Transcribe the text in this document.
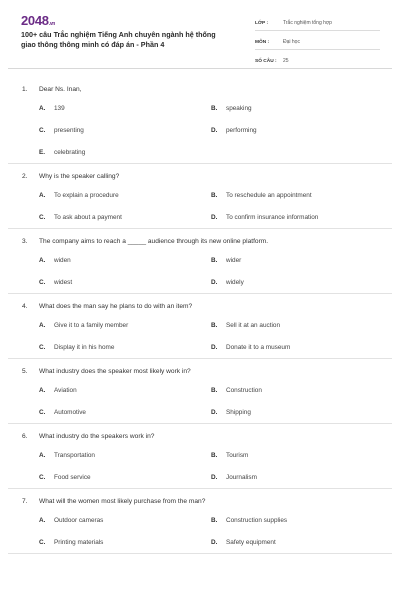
2048.vn
100+ câu Trắc nghiệm Tiếng Anh chuyên ngành hệ thống giao thông thông minh có đáp án - Phần 4
LỚP :	Trắc nghiệm tổng hợp
MÔN :	Đại học
SỐ CÂU :	25
1.	Dear Ns. Inan,
A.	139	B.	speaking
C.	presenting	D.	performing
E.	celebrating
2.	Why is the speaker calling?
A.	To explain a procedure	B.	To reschedule an appointment
C.	To ask about a payment	D.	To confirm insurance information
3.	The company aims to reach a _____ audience through its new online platform.
A.	widen	B.	wider
C.	widest	D.	widely
4.	What does the man say he plans to do with an item?
A.	Give it to a family member	B.	Sell it at an auction
C.	Display it in his home	D.	Donate it to a museum
5.	What industry does the speaker most likely work in?
A.	Aviation	B.	Construction
C.	Automotive	D.	Shipping
6.	What industry do the speakers work in?
A.	Transportation	B.	Tourism
C.	Food service	D.	Journalism
7.	What will the women most likely purchase from the man?
A.	Outdoor cameras	B.	Construction supplies
C.	Printing materials	D.	Safety equipment
